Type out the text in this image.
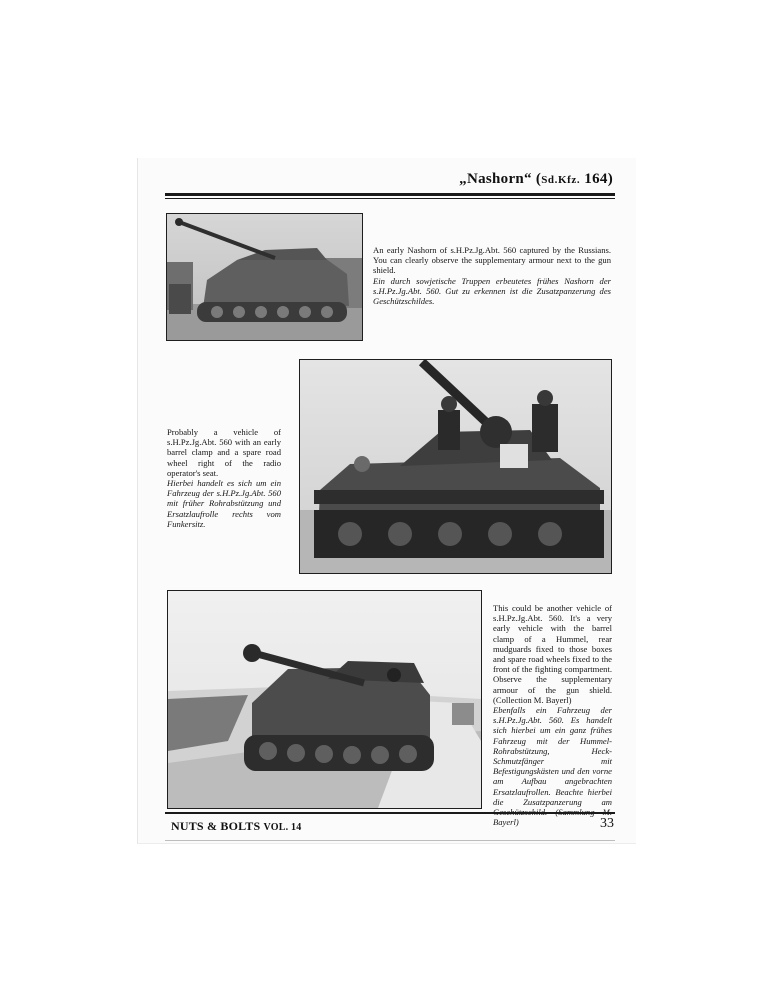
„Nashorn“ (Sd.Kfz. 164)

An early Nashorn of s.H.Pz.Jg.Abt. 560 captured by the Russians. You can clearly observe the supplementary armour next to the gun shield.

Ein durch sowjetische Truppen erbeutetes frühes Nashorn der s.H.Pz.Jg.Abt. 560. Gut zu erkennen ist die Zusatzpanzerung des Geschützschildes.

Probably a vehicle of s.H.Pz.Jg.Abt. 560 with an early barrel clamp and a spare road wheel right of the radio operator's seat.

Hierbei handelt es sich um ein Fahrzeug der s.H.Pz.Jg.Abt. 560 mit früher Rohrabstützung und Ersatzlaufrolle rechts vom Funkersitz.

This could be another vehicle of s.H.Pz.Jg.Abt. 560. It's a very early vehicle with the barrel clamp of a Hummel, rear mudguards fixed to those boxes and spare road wheels fixed to the front of the fighting compartment. Observe the supplementary armour of the gun shield. (Collection M. Bayerl)

Ebenfalls ein Fahrzeug der s.H.Pz.Jg.Abt. 560. Es handelt sich hierbei um ein ganz frühes Fahrzeug mit der Hummel-Rohrabstützung, Heck-Schmutzfänger mit Befestigungskästen und den vorne am Aufbau angebrachten Ersatzlaufrollen. Beachte hierbei die Zusatzpanzerung am Bayerl)

NUTS & BOLTS VOL. 14	33
